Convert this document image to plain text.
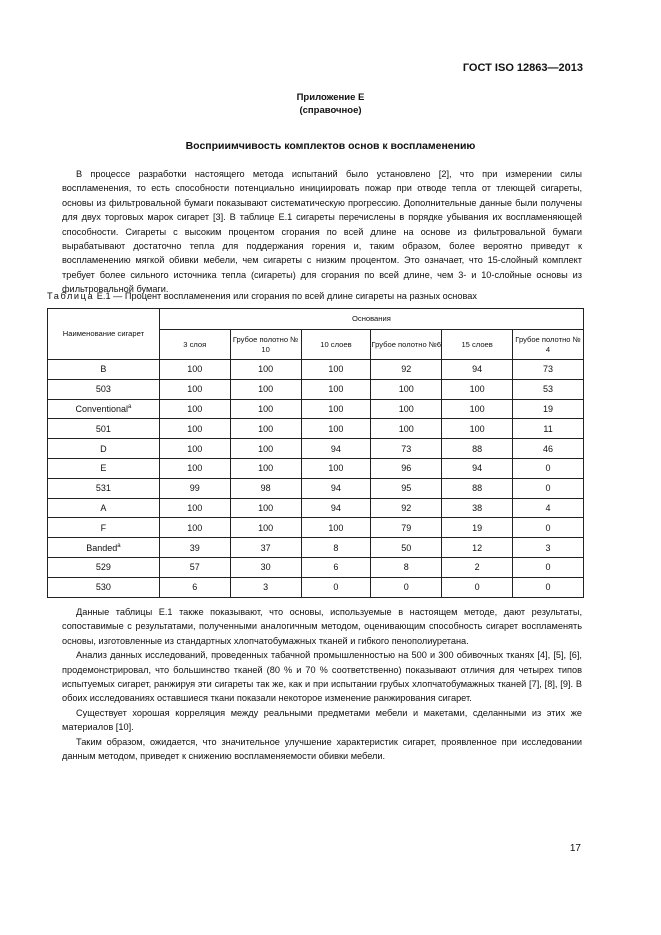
ГОСТ ISO 12863—2013
Приложение Е
(справочное)
Восприимчивость комплектов основ к воспламенению

В процессе разработки настоящего метода испытаний было установлено [2], что при измерении силы воспламенения, то есть способности потенциально инициировать пожар при отводе тепла от тлеющей сигареты, основы из фильтровальной бумаги показывают систематическую прогрессию. Дополнительные данные были получены для двух торговых марок сигарет [3]. В таблице Е.1 сигареты перечислены в порядке убывания их воспламеняющей способности. Сигареты с высоким процентом сгорания по всей длине на основе из фильтровальной бумаги вырабатывают достаточно тепла для поддержания горения и, таким образом, более вероятно приведут к воспламенению мягкой обивки мебели, чем сигареты с низким процентом. Это означает, что 15-слойный комплект требует более сильного источника тепла (сигареты) для сгорания по всей длине, чем 3- и 10-слойные основы из фильтровальной бумаги.

Таблица Е.1 — Процент воспламенения или сгорания по всей длине сигареты на разных основах
Наименование сигарет	Основания					
	3 слоя	Грубое полотно № 10	10 слоев	Грубое полотно №6	15 слоев	Грубое полотно № 4
B	100	100	100	92	94	73
503	100	100	100	100	100	53
Conventional$^a$	100	100	100	100	100	19
501	100	100	100	100	100	11
D	100	100	94	73	88	46
E	100	100	100	96	94	0
531	99	98	94	95	88	0
A	100	100	94	92	38	4
F	100	100	100	79	19	0
Banded$^a$	39	37	8	50	12	3
529	57	30	6	8	2	0
530	6	3	0	0	0	0

Данные таблицы Е.1 также показывают, что основы, используемые в настоящем методе, дают результаты, сопоставимые с результатами, полученными аналогичным методом, оценивающим способность сигарет воспламенять основы, изготовленные из стандартных хлопчатобумажных тканей и гибкого пенополиуретана.

Анализ данных исследований, проведенных табачной промышленностью на 500 и 300 обивочных тканях [4], [5], [6], продемонстрировал, что большинство тканей (80 % и 70 % соответственно) показывают отличия для четырех типов испытуемых сигарет, ранжируя эти сигареты так же, как и при испытании грубых хлопчатобумажных тканей [7], [8], [9]. В обоих исследованиях оставшиеся ткани показали некоторое изменение ранжирования сигарет.

Существует хорошая корреляция между реальными предметами мебели и макетами, сделанными из этих же материалов [10].

Таким образом, ожидается, что значительное улучшение характеристик сигарет, проявленное при исследовании данным методом, приведет к снижению воспламеняемости обивки мебели.

17
